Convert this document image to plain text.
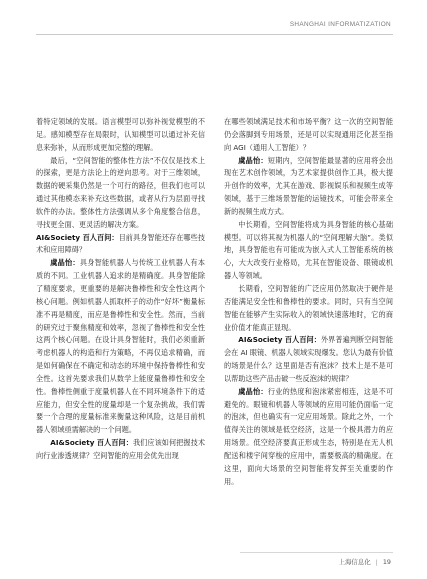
SHANGHAI INFORMATIZATION

着特定领域的发展。语言模型可以弥补视觉模型的不足。感知模型存在局限时，认知模型可以通过补充信息来弥补，从而形成更加完整的理解。

最后，“空间智能的整体性方法”不仅仅是技术上的探索，更是方法论上的逆向思考。对于三维领域，数据的硬采集仍然是一个可行的路径，但我们也可以通过其他模态来补充这些数据，或者从行为层面寻找软件的办法。整体性方法强调从多个角度整合信息，寻找更全面、更灵活的解决方案。

AI&Society 百人百问：目前具身智能还存在哪些技术和应用障碍？

虞晶怡：具身智能机器人与传统工业机器人有本质的不同。工业机器人追求的是精确度。具身智能除了精度要求，更重要的是解决鲁棒性和安全性这两个核心问题。例如机器人抓取杯子的动作“好坏”衡量标准不再是精度，而应是鲁棒性和安全性。然而，当前的研究过于聚焦精度和效率，忽视了鲁棒性和安全性这两个核心问题。在设计具身智能时，我们必须重新考虑机器人的构造和行为策略，不再仅追求精确，而是如何确保在不确定和动态的环境中保持鲁棒性和安全性。这首先要求我们从数学上能度量鲁棒性和安全性。鲁棒性侧重于度量机器人在不同环境条件下的适应能力，但安全性的度量却是一个复杂挑战，我们需要一个合理的度量标准来衡量这种风险，这是目前机器人领域亟需解决的一个问题。

AI&Society 百人百问：我们应该如何把握技术向行业渗透规律？空间智能的应用会优先出现

在哪些领域满足技术和市场平衡？这一次的空间智能仍会落脚到专用场景，还是可以实现通用泛化甚至指向 AGI（通用人工智能）？

虞晶怡：短期内，空间智能最显著的应用将会出现在艺术创作领域，为艺术家提供创作工具，极大提升创作的效率，尤其在游戏、影视娱乐和视频生成等领域，基于三维场景智能的运镜技术，可能会带来全新的视频生成方式。

中长期看，空间智能将成为具身智能的核心基础模型。可以将其视为机器人的“空间理解大脑”。类似地，具身智能也有可能成为嵌入式人工智能系统的核心，大大改变行业格局，尤其在智能设备、眼镜或机器人等领域。

长期看，空间智能的广泛应用仍然取决于硬件是否能满足安全性和鲁棒性的要求。同时，只有当空间智能在能够产生实际收入的领域快速落地时，它的商业价值才能真正显现。

AI&Society 百人百问：外界普遍判断空间智能会在 AI 眼镜、机器人领域实现爆发。您认为最有价值的场景是什么？这里面是否有泡沫？技术上是不是可以帮助这些产品击破一些反泡沫的规律？

虞晶怡：行业的热度和泡沫紧密相连，这是不可避免的。眼镜和机器人等领域的应用可能仍面临一定的泡沫，但也确实有一定应用场景。除此之外，一个值得关注的领域是低空经济，这是一个极具潜力的应用场景。低空经济要真正形成生态，特别是在无人机配送和楼宇间穿梭的应用中，需要极高的精确度。在这里，面向大场景的空间智能将发挥至关重要的作用。

上海信息化 | 19
